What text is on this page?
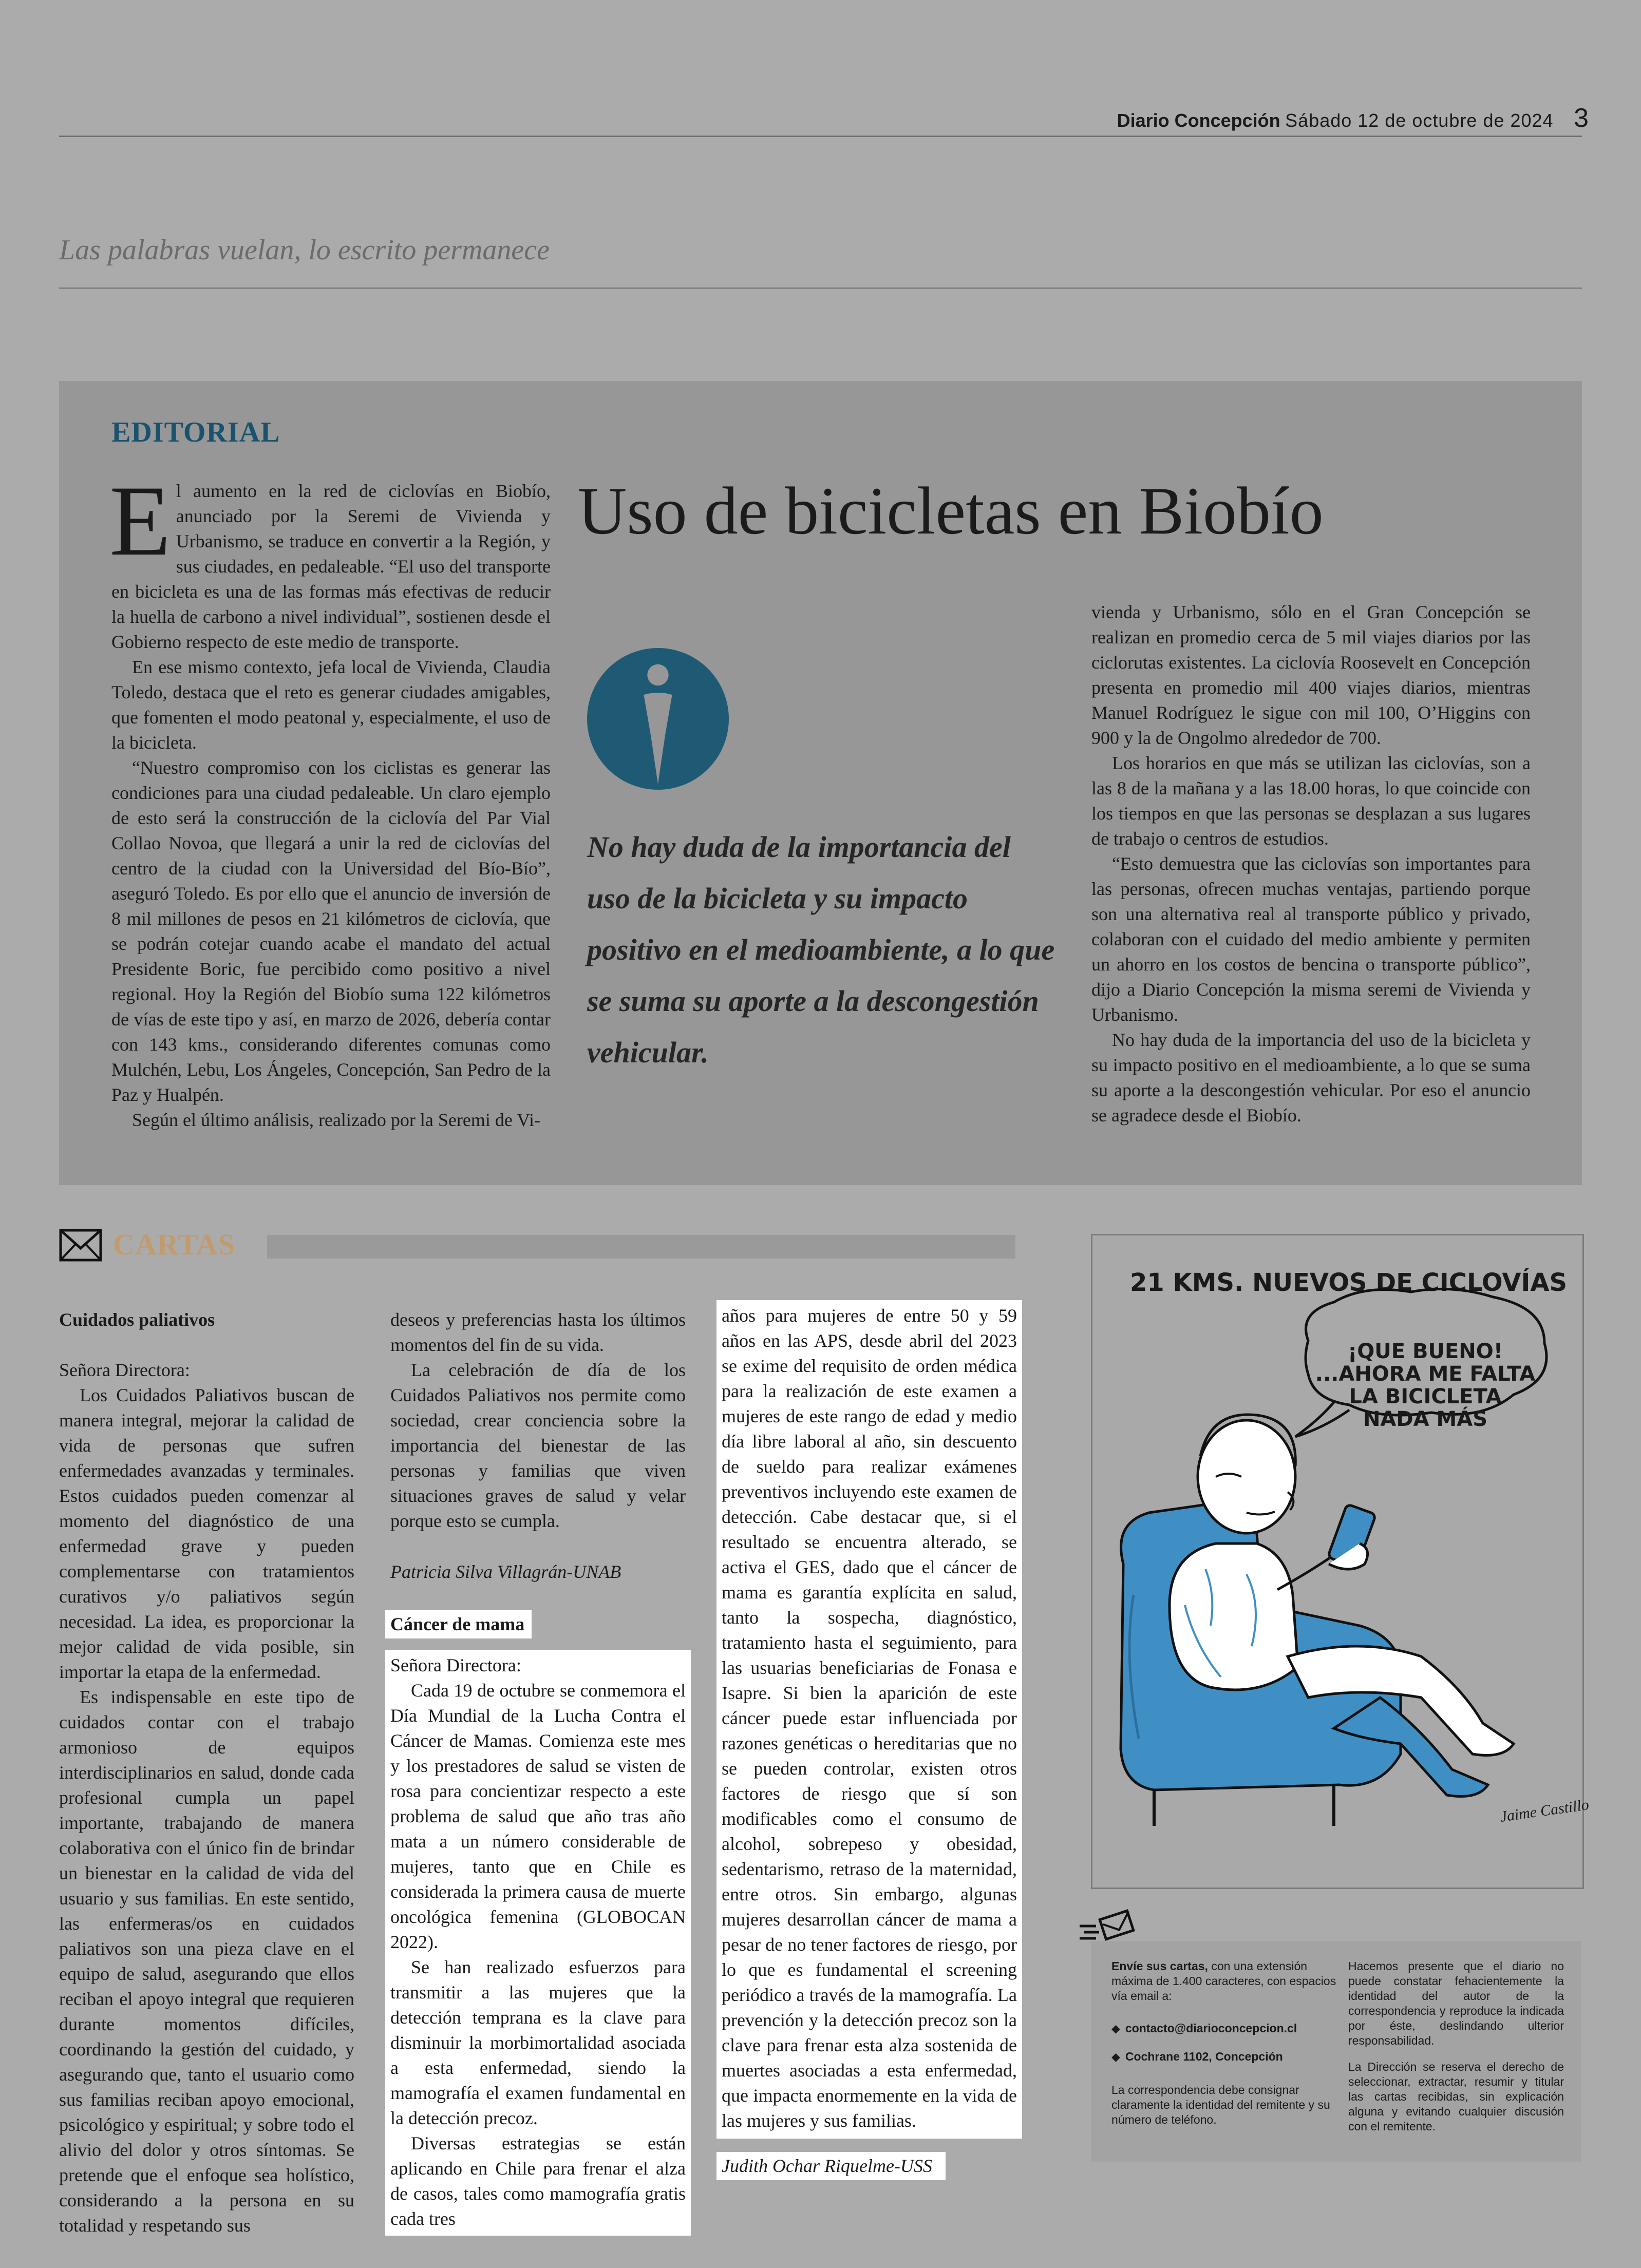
Diario Concepción Sábado 12 de octubre de 2024 3
Las palabras vuelan, lo escrito permanece
EDITORIAL
Uso de bicicletas en Biobío

El aumento en la red de ciclovías en Biobío, anunciado por la Seremi de Vivienda y Urbanismo, se traduce en convertir a la Región, y sus ciudades, en pedaleable. “El uso del transporte en bicicleta es una de las formas más efectivas de reducir la huella de carbono a nivel individual”, sostienen desde el Gobierno respecto de este medio de transporte.

En ese mismo contexto, jefa local de Vivienda, Claudia Toledo, destaca que el reto es generar ciudades amigables, que fomenten el modo peatonal y, especialmente, el uso de la bicicleta.

“Nuestro compromiso con los ciclistas es generar las condiciones para una ciudad pedaleable. Un claro ejemplo de esto será la construcción de la ciclovía del Par Vial Collao Novoa, que llegará a unir la red de ciclovías del centro de la ciudad con la Universidad del Bío-Bío”, aseguró Toledo. Es por ello que el anuncio de inversión de 8 mil millones de pesos en 21 kilómetros de ciclovía, que se podrán cotejar cuando acabe el mandato del actual Presidente Boric, fue percibido como positivo a nivel regional. Hoy la Región del Biobío suma 122 kilómetros de vías de este tipo y así, en marzo de 2026, debería contar con 143 kms., considerando diferentes comunas como Mulchén, Lebu, Los Ángeles, Concepción, San Pedro de la Paz y Hualpén.

Según el último análisis, realizado por la Seremi de Vi-

No hay duda de la importancia del uso de la bicicleta y su impacto positivo en el medioambiente, a lo que se suma su aporte a la descongestión vehicular.

vienda y Urbanismo, sólo en el Gran Concepción se realizan en promedio cerca de 5 mil viajes diarios por las ciclorutas existentes. La ciclovía Roosevelt en Concepción presenta en promedio mil 400 viajes diarios, mientras Manuel Rodríguez le sigue con mil 100, O’Higgins con 900 y la de Ongolmo alrededor de 700.

Los horarios en que más se utilizan las ciclovías, son a las 8 de la mañana y a las 18.00 horas, lo que coincide con los tiempos en que las personas se desplazan a sus lugares de trabajo o centros de estudios.

“Esto demuestra que las ciclovías son importantes para las personas, ofrecen muchas ventajas, partiendo porque son una alternativa real al transporte público y privado, colaboran con el cuidado del medio ambiente y permiten un ahorro en los costos de bencina o transporte público”, dijo a Diario Concepción la misma seremi de Vivienda y Urbanismo.

No hay duda de la importancia del uso de la bicicleta y su impacto positivo en el medioambiente, a lo que se suma su aporte a la descongestión vehicular. Por eso el anuncio se agradece desde el Biobío.

CARTAS

Cuidados paliativos

Señora Directora:

Los Cuidados Paliativos buscan de manera integral, mejorar la calidad de vida de personas que sufren enfermedades avanzadas y terminales. Estos cuidados pueden comenzar al momento del diagnóstico de una enfermedad grave y pueden complementarse con tratamientos curativos y/o paliativos según necesidad. La idea, es proporcionar la mejor calidad de vida posible, sin importar la etapa de la enfermedad.

Es indispensable en este tipo de cuidados contar con el trabajo armonioso de equipos interdisciplinarios en salud, donde cada profesional cumpla un papel importante, trabajando de manera colaborativa con el único fin de brindar un bienestar en la calidad de vida del usuario y sus familias. En este sentido, las enfermeras/os en cuidados paliativos son una pieza clave en el equipo de salud, asegurando que ellos reciban el apoyo integral que requieren durante momentos difíciles, coordinando la gestión del cuidado, y asegurando que, tanto el usuario como sus familias reciban apoyo emocional, psicológico y espiritual; y sobre todo el alivio del dolor y otros síntomas. Se pretende que el enfoque sea holístico, considerando a la persona en su totalidad y respetando sus

deseos y preferencias hasta los últimos momentos del fin de su vida.

La celebración de día de los Cuidados Paliativos nos permite como sociedad, crear conciencia sobre la importancia del bienestar de las personas y familias que viven situaciones graves de salud y velar porque esto se cumpla.

Patricia Silva Villagrán-UNAB

Cáncer de mama

Señora Directora:

Cada 19 de octubre se conmemora el Día Mundial de la Lucha Contra el Cáncer de Mamas. Comienza este mes y los prestadores de salud se visten de rosa para concientizar respecto a este problema de salud que año tras año mata a un número considerable de mujeres, tanto que en Chile es considerada la primera causa de muerte oncológica femenina (GLOBOCAN 2022).

Se han realizado esfuerzos para transmitir a las mujeres que la detección temprana es la clave para disminuir la morbimortalidad asociada a esta enfermedad, siendo la mamografía el examen fundamental en la detección precoz.

Diversas estrategias se están aplicando en Chile para frenar el alza de casos, tales como mamografía gratis cada tres

años para mujeres de entre 50 y 59 años en las APS, desde abril del 2023 se exime del requisito de orden médica para la realización de este examen a mujeres de este rango de edad y medio día libre laboral al año, sin descuento de sueldo para realizar exámenes preventivos incluyendo este examen de detección. Cabe destacar que, si el resultado se encuentra alterado, se activa el GES, dado que el cáncer de mama es garantía explícita en salud, tanto la sospecha, diagnóstico, tratamiento hasta el seguimiento, para las usuarias beneficiarias de Fonasa e Isapre. Si bien la aparición de este cáncer puede estar influenciada por razones genéticas o hereditarias que no se pueden controlar, existen otros factores de riesgo que sí son modificables como el consumo de alcohol, sobrepeso y obesidad, sedentarismo, retraso de la maternidad, entre otros. Sin embargo, algunas mujeres desarrollan cáncer de mama a pesar de no tener factores de riesgo, por lo que es fundamental el screening periódico a través de la mamografía. La prevención y la detección precoz son la clave para frenar esta alza sostenida de muertes asociadas a esta enfermedad, que impacta enormemente en la vida de las mujeres y sus familias.

Judith Ochar Riquelme-USS
21 KMS. NUEVOS DE CICLOVÍAS
¡QUE BUENO! ...AHORA ME FALTA LA BICICLETA NADA MÁS
Jaime Castillo

Envíe sus cartas, con una extensión máxima de 1.400 caracteres, con espacios vía email a:

◆ contacto@diarioconcepcion.cl

◆ Cochrane 1102, Concepción

La correspondencia debe consignar claramente la identidad del remitente y su número de teléfono.

Hacemos presente que el diario no puede constatar fehacientemente la identidad del autor de la correspondencia y reproduce la indicada por éste, deslindando ulterior responsabilidad.

La Dirección se reserva el derecho de seleccionar, extractar, resumir y titular las cartas recibidas, sin explicación alguna y evitando cualquier discusión con el remitente.
